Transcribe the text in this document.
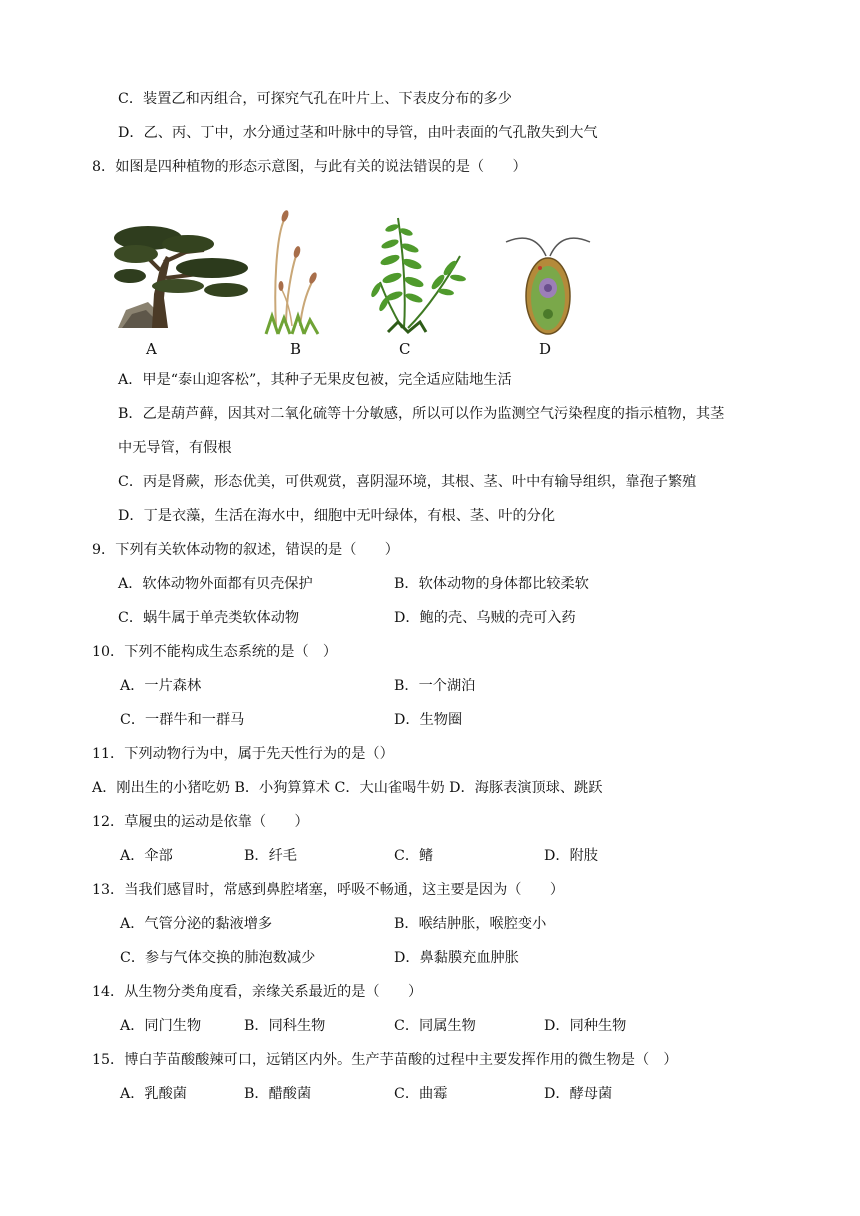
C．装置乙和丙组合，可探究气孔在叶片上、下表皮分布的多少
D．乙、丙、丁中，水分通过茎和叶脉中的导管，由叶表面的气孔散失到大气
8．如图是四种植物的形态示意图，与此有关的说法错误的是（　　）
A	B	C	D
A．甲是“泰山迎客松”，其种子无果皮包被，完全适应陆地生活
B．乙是葫芦藓，因其对二氧化硫等十分敏感，所以可以作为监测空气污染程度的指示植物，其茎
中无导管，有假根
C．丙是肾蕨，形态优美，可供观赏，喜阴湿环境，其根、茎、叶中有输导组织，靠孢子繁殖
D．丁是衣藻，生活在海水中，细胞中无叶绿体，有根、茎、叶的分化
9．下列有关软体动物的叙述，错误的是（　　）
A．软体动物外面都有贝壳保护	B．软体动物的身体都比较柔软
C．蜗牛属于单壳类软体动物	D．鲍的壳、乌贼的壳可入药
10．下列不能构成生态系统的是（　）
A．一片森林	B．一个湖泊
C．一群牛和一群马	D．生物圈
11．下列动物行为中，属于先天性行为的是（）
A．刚出生的小猪吃奶 B．小狗算算术 C．大山雀喝牛奶 D．海豚表演顶球、跳跃
12．草履虫的运动是依靠（　　）
A．伞部	B．纤毛	C．鳍	D．附肢
13．当我们感冒时，常感到鼻腔堵塞，呼吸不畅通，这主要是因为（　　）
A．气管分泌的黏液增多	B．喉结肿胀，喉腔变小
C．参与气体交换的肺泡数减少	D．鼻黏膜充血肿胀
14．从生物分类角度看，亲缘关系最近的是（　　）
A．同门生物	B．同科生物	C．同属生物	D．同种生物
15．博白芋苗酸酸辣可口，远销区内外。生产芋苗酸的过程中主要发挥作用的微生物是（　）
A．乳酸菌	B．醋酸菌	C．曲霉	D．酵母菌
